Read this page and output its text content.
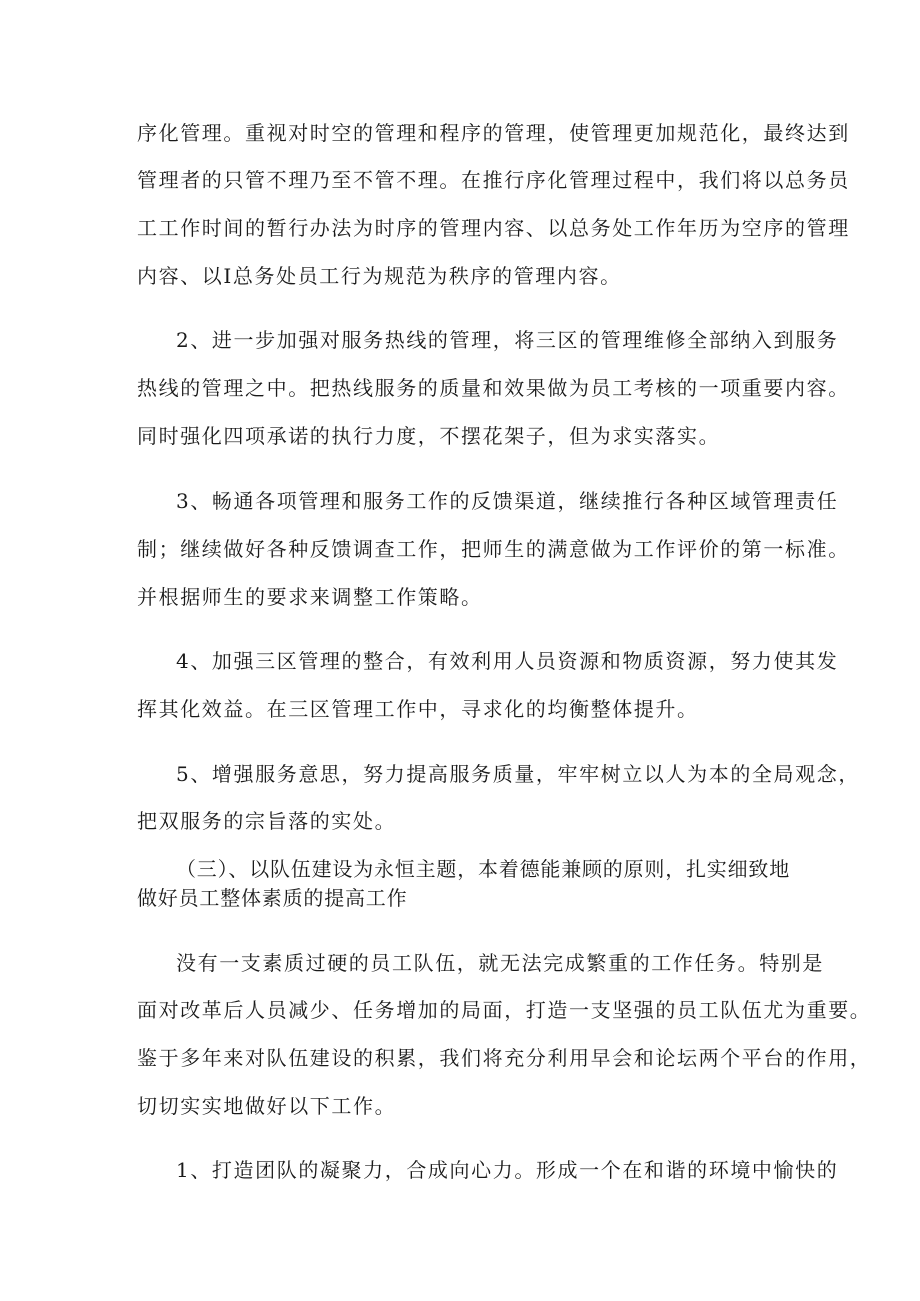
序化管理。重视对时空的管理和程序的管理，使管理更加规范化，最终达到
管理者的只管不理乃至不管不理。在推行序化管理过程中，我们将以总务员
工工作时间的暂行办法为时序的管理内容、以总务处工作年历为空序的管理
内容、以I总务处员工行为规范为秩序的管理内容。
2、进一步加强对服务热线的管理，将三区的管理维修全部纳入到服务
热线的管理之中。把热线服务的质量和效果做为员工考核的一项重要内容。
同时强化四项承诺的执行力度，不摆花架子，但为求实落实。
3、畅通各项管理和服务工作的反馈渠道，继续推行各种区域管理责任
制；继续做好各种反馈调查工作，把师生的满意做为工作评价的第一标准。
并根据师生的要求来调整工作策略。
4、加强三区管理的整合，有效利用人员资源和物质资源，努力使其发
挥其化效益。在三区管理工作中，寻求化的均衡整体提升。
5、增强服务意思，努力提高服务质量，牢牢树立以人为本的全局观念，
把双服务的宗旨落的实处。
（三）、以队伍建设为永恒主题，本着德能兼顾的原则，扎实细致地
做好员工整体素质的提高工作
没有一支素质过硬的员工队伍，就无法完成繁重的工作任务。特别是
面对改革后人员减少、任务增加的局面，打造一支坚强的员工队伍尤为重要。
鉴于多年来对队伍建设的积累，我们将充分利用早会和论坛两个平台的作用，
切切实实地做好以下工作。
1、打造团队的凝聚力，合成向心力。形成一个在和谐的环境中愉快的
